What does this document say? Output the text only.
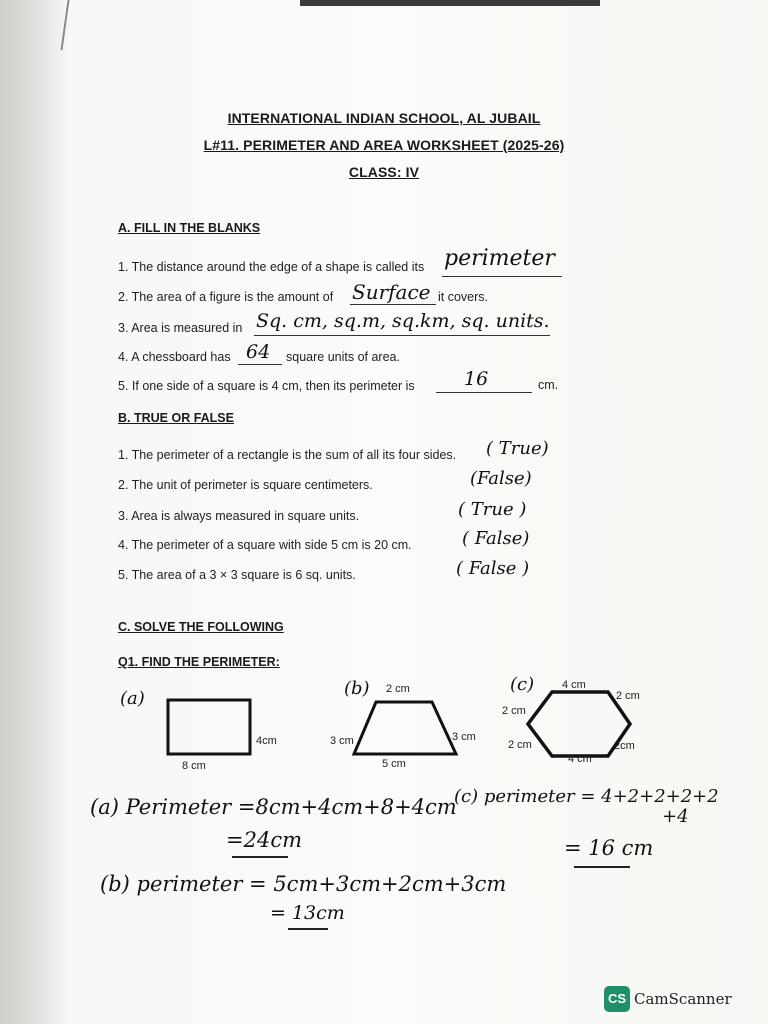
INTERNATIONAL INDIAN SCHOOL, AL JUBAIL
L#11. PERIMETER AND AREA WORKSHEET (2025-26)
CLASS: IV
A. FILL IN THE BLANKS
1. The distance around the edge of a shape is called its perimeter
2. The area of a figure is the amount of Surface it covers.
3. Area is measured in Sq. cm, sq.m, sq.km, sq. units.
4. A chessboard has 64 square units of area.
5. If one side of a square is 4 cm, then its perimeter is	16	cm.
B. TRUE OR FALSE
1. The perimeter of a rectangle is the sum of all its four sides. ( True)
2. The unit of perimeter is square centimeters.	(False)
3. Area is always measured in square units.	( True )
4. The perimeter of a square with side 5 cm is 20 cm.	( False)
5. The area of a 3 × 3 square is 6 sq. units.	( False )
C. SOLVE THE FOLLOWING
Q1. FIND THE PERIMETER:
(a)
4cm
8 cm
(b) 2 cm
3 cm	3 cm
5 cm
(c)	4 cm
2 cm
2 cm
2 cm	2cm
4 cm
(a) Perimeter =8cm+4cm+8+4cm
=24cm
(c) perimeter = 4+2+2+2+2
+4
= 16 cm
(b) perimeter = 5cm+3cm+2cm+3cm
= 13cm
CS CamScanner
